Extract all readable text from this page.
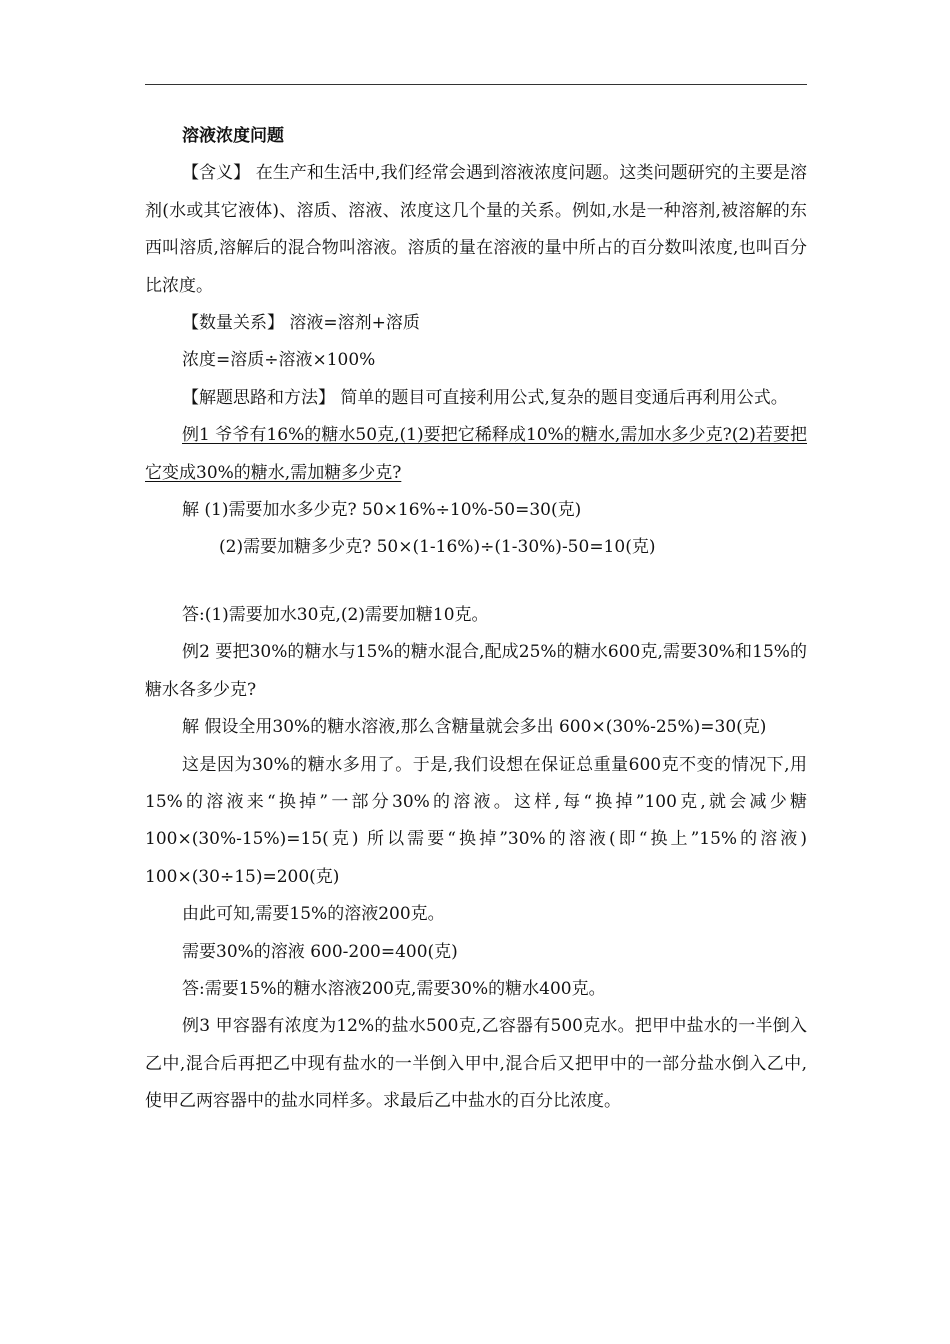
溶液浓度问题

【含义】 在生产和生活中,我们经常会遇到溶液浓度问题。这类问题研究的主要是溶剂(水或其它液体)、溶质、溶液、浓度这几个量的关系。例如,水是一种溶剂,被溶解的东西叫溶质,溶解后的混合物叫溶液。溶质的量在溶液的量中所占的百分数叫浓度,也叫百分比浓度。

【数量关系】 溶液=溶剂+溶质

浓度=溶质÷溶液×100%

【解题思路和方法】 简单的题目可直接利用公式,复杂的题目变通后再利用公式。

例1 爷爷有16%的糖水50克,(1)要把它稀释成10%的糖水,需加水多少克?(2)若要把它变成30%的糖水,需加糖多少克?

解 (1)需要加水多少克? 50×16%÷10%-50=30(克)

(2)需要加糖多少克? 50×(1-16%)÷(1-30%)-50=10(克)

答:(1)需要加水30克,(2)需要加糖10克。

例2 要把30%的糖水与15%的糖水混合,配成25%的糖水600克,需要30%和15%的糖水各多少克?

解 假设全用30%的糖水溶液,那么含糖量就会多出 600×(30%-25%)=30(克)

这是因为30%的糖水多用了。于是,我们设想在保证总重量600克不变的情况下,用15%的溶液来“换掉”一部分30%的溶液。这样,每“换掉”100克,就会减少糖 100×(30%-15%)=15(克) 所以需要“换掉”30%的溶液(即“换上”15%的溶液) 100×(30÷15)=200(克)

由此可知,需要15%的溶液200克。

需要30%的溶液 600-200=400(克)

答:需要15%的糖水溶液200克,需要30%的糖水400克。

例3 甲容器有浓度为12%的盐水500克,乙容器有500克水。把甲中盐水的一半倒入乙中,混合后再把乙中现有盐水的一半倒入甲中,混合后又把甲中的一部分盐水倒入乙中,使甲乙两容器中的盐水同样多。求最后乙中盐水的百分比浓度。
